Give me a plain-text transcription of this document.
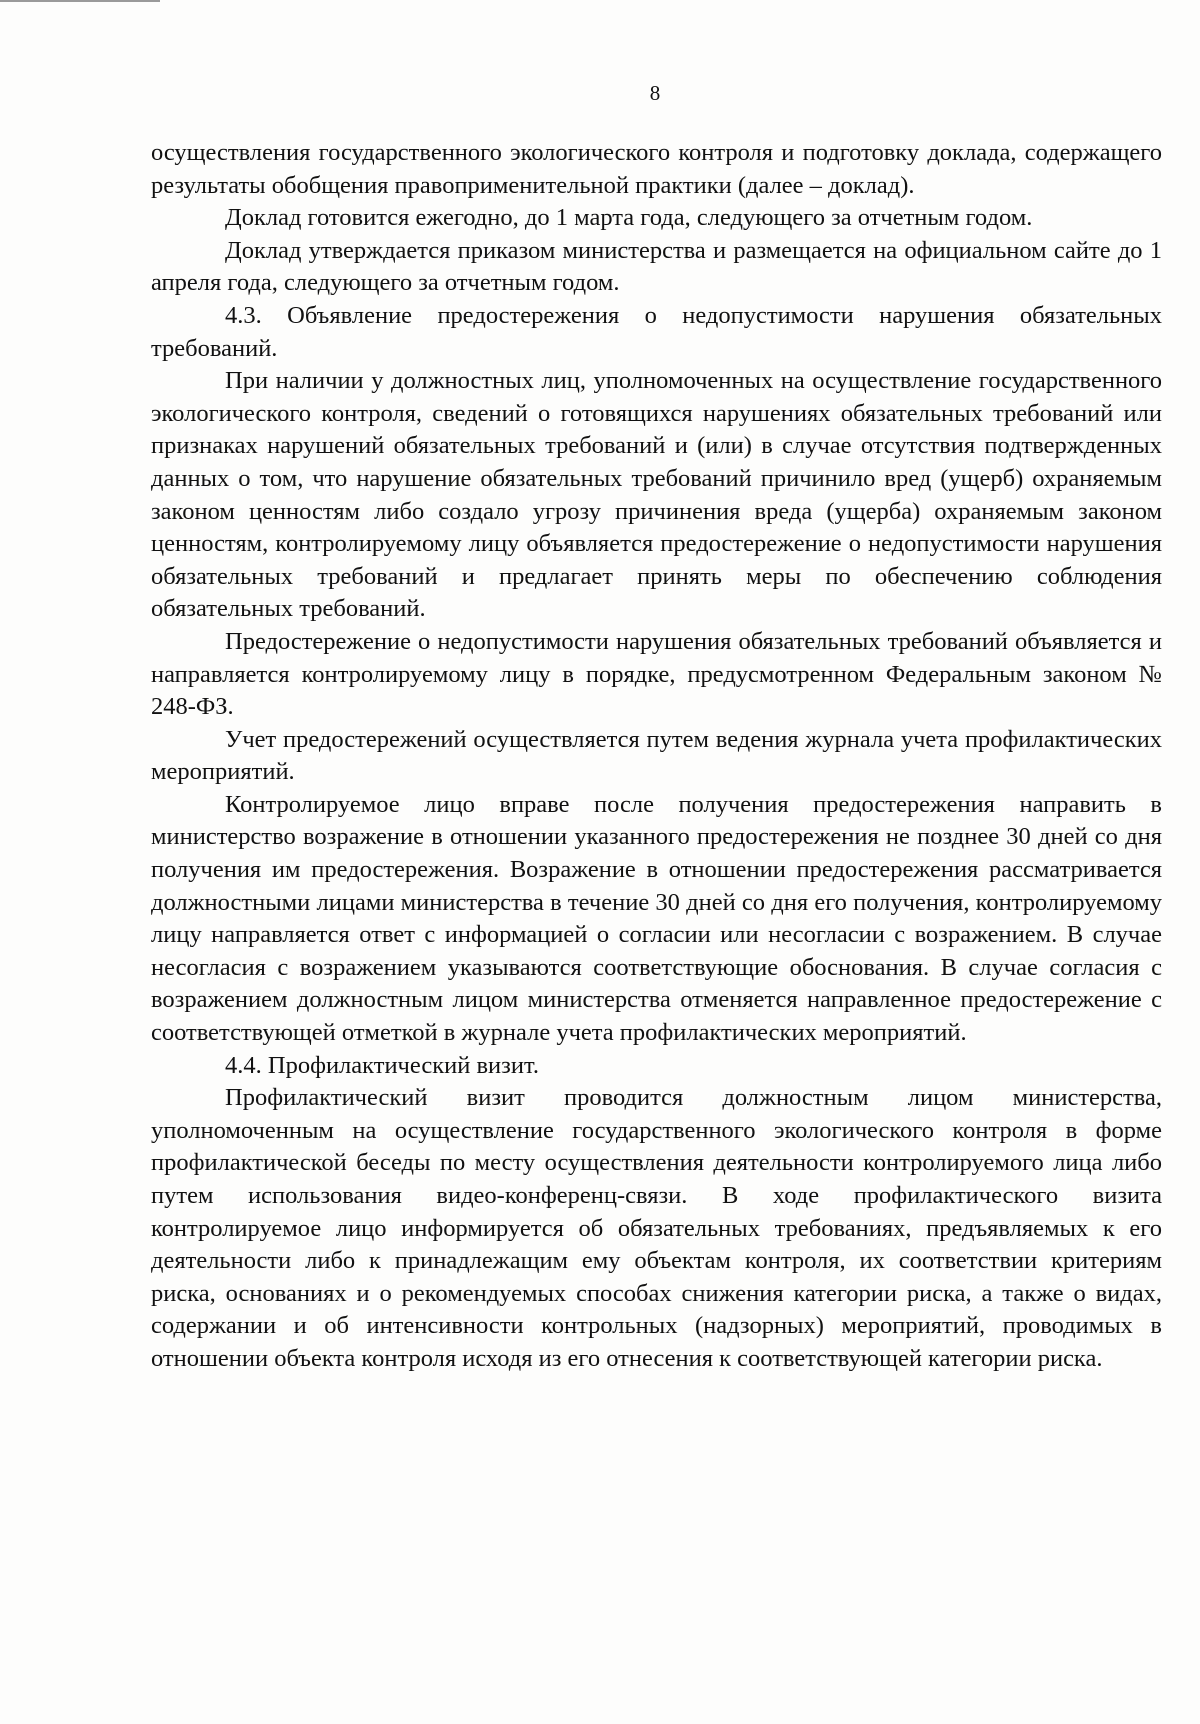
8

осуществления государственного экологического контроля и подготовку доклада, содержащего результаты обобщения правоприменительной практики (далее – доклад).

Доклад готовится ежегодно, до 1 марта года, следующего за отчетным годом.

Доклад утверждается приказом министерства и размещается на официальном сайте до 1 апреля года, следующего за отчетным годом.

4.3. Объявление предостережения о недопустимости нарушения обязательных требований.

При наличии у должностных лиц, уполномоченных на осуществление государственного экологического контроля, сведений о готовящихся нарушениях обязательных требований или признаках нарушений обязательных требований и (или) в случае отсутствия подтвержденных данных о том, что нарушение обязательных требований причинило вред (ущерб) охраняемым законом ценностям либо создало угрозу причинения вреда (ущерба) охраняемым законом ценностям, контролируемому лицу объявляется предостережение о недопустимости нарушения обязательных требований и предлагает принять меры по обеспечению соблюдения обязательных требований.

Предостережение о недопустимости нарушения обязательных требований объявляется и направляется контролируемому лицу в порядке, предусмотренном Федеральным законом № 248-ФЗ.

Учет предостережений осуществляется путем ведения журнала учета профилактических мероприятий.

Контролируемое лицо вправе после получения предостережения направить в министерство возражение в отношении указанного предостережения не позднее 30 дней со дня получения им предостережения. Возражение в отношении предостережения рассматривается должностными лицами министерства в течение 30 дней со дня его получения, контролируемому лицу направляется ответ с информацией о согласии или несогласии с возражением. В случае несогласия с возражением указываются соответствующие обоснования. В случае согласия с возражением должностным лицом министерства отменяется направленное предостережение с соответствующей отметкой в журнале учета профилактических мероприятий.

4.4. Профилактический визит.

Профилактический визит проводится должностным лицом министерства, уполномоченным на осуществление государственного экологического контроля в форме профилактической беседы по месту осуществления деятельности контролируемого лица либо путем использования видео-конференц-связи. В ходе профилактического визита контролируемое лицо информируется об обязательных требованиях, предъявляемых к его деятельности либо к принадлежащим ему объектам контроля, их соответствии критериям риска, основаниях и о рекомендуемых способах снижения категории риска, а также о видах, содержании и об интенсивности контрольных (надзорных) мероприятий, проводимых в отношении объекта контроля исходя из его отнесения к соответствующей категории риска.
